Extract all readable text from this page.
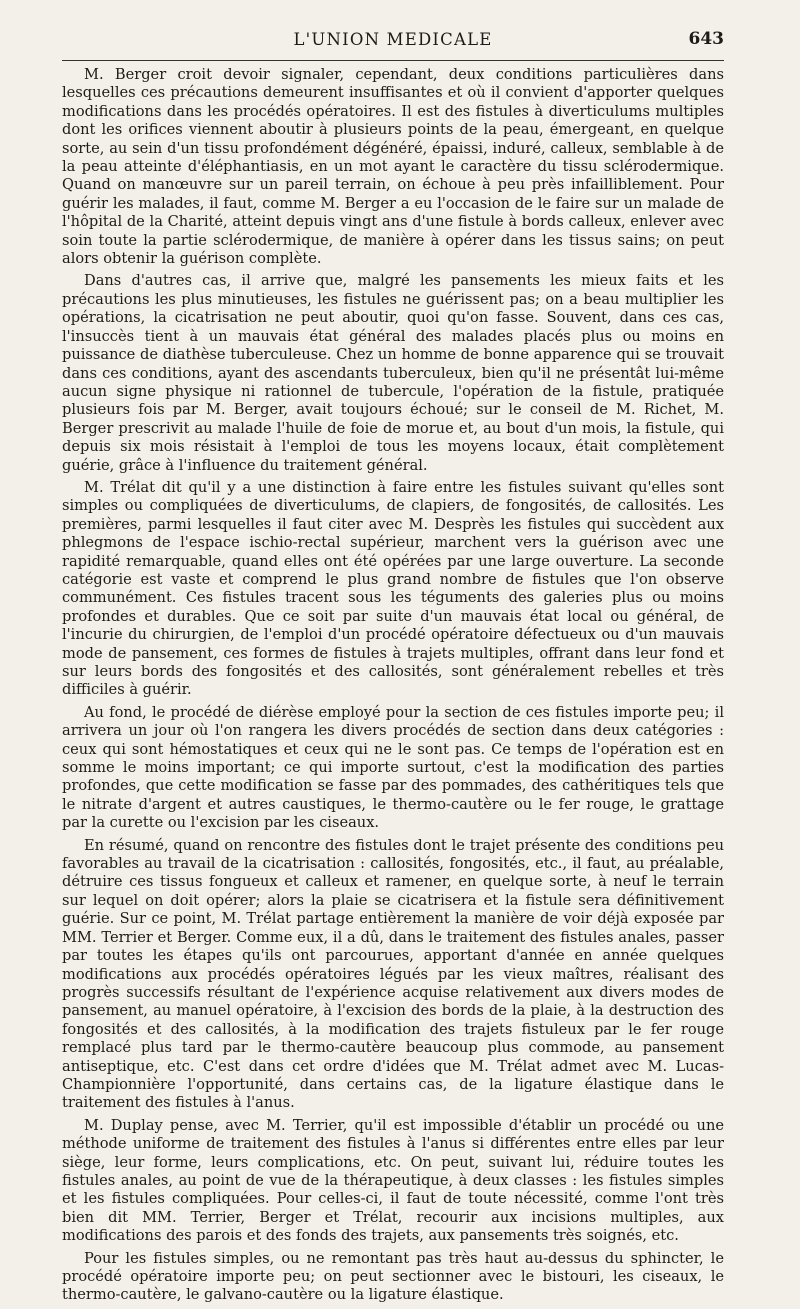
L'UNION MEDICALE	643

M. Berger croit devoir signaler, cependant, deux conditions particulières dans lesquelles ces précautions demeurent insuffisantes et où il convient d'apporter quelques modifications dans les procédés opératoires. Il est des fistules à diverticulums multiples dont les orifices viennent aboutir à plusieurs points de la peau, émergeant, en quelque sorte, au sein d'un tissu profondément dégénéré, épaissi, induré, calleux, semblable à de la peau atteinte d'éléphantiasis, en un mot ayant le caractère du tissu sclérodermique. Quand on manœuvre sur un pareil terrain, on échoue à peu près infailliblement. Pour guérir les malades, il faut, comme M. Berger a eu l'occasion de le faire sur un malade de l'hôpital de la Charité, atteint depuis vingt ans d'une fistule à bords calleux, enlever avec soin toute la partie sclérodermique, de manière à opérer dans les tissus sains; on peut alors obtenir la guérison complète.

Dans d'autres cas, il arrive que, malgré les pansements les mieux faits et les précautions les plus minutieuses, les fistules ne guérissent pas; on a beau multiplier les opérations, la cicatrisation ne peut aboutir, quoi qu'on fasse. Souvent, dans ces cas, l'insuccès tient à un mauvais état général des malades placés plus ou moins en puissance de diathèse tuberculeuse. Chez un homme de bonne apparence qui se trouvait dans ces conditions, ayant des ascendants tuberculeux, bien qu'il ne présentât lui-même aucun signe physique ni rationnel de tubercule, l'opération de la fistule, pratiquée plusieurs fois par M. Berger, avait toujours échoué; sur le conseil de M. Richet, M. Berger prescrivit au malade l'huile de foie de morue et, au bout d'un mois, la fistule, qui depuis six mois résistait à l'emploi de tous les moyens locaux, était complètement guérie, grâce à l'influence du traitement général.

M. Trélat dit qu'il y a une distinction à faire entre les fistules suivant qu'elles sont simples ou compliquées de diverticulums, de clapiers, de fongosités, de callosités. Les premières, parmi lesquelles il faut citer avec M. Desprès les fistules qui succèdent aux phlegmons de l'espace ischio-rectal supérieur, marchent vers la guérison avec une rapidité remarquable, quand elles ont été opérées par une large ouverture. La seconde catégorie est vaste et comprend le plus grand nombre de fistules que l'on observe communément. Ces fistules tracent sous les téguments des galeries plus ou moins profondes et durables. Que ce soit par suite d'un mauvais état local ou général, de l'incurie du chirurgien, de l'emploi d'un procédé opératoire défectueux ou d'un mauvais mode de pansement, ces formes de fistules à trajets multiples, offrant dans leur fond et sur leurs bords des fongosités et des callosités, sont généralement rebelles et très difficiles à guérir.

Au fond, le procédé de diérèse employé pour la section de ces fistules importe peu; il arrivera un jour où l'on rangera les divers procédés de section dans deux catégories : ceux qui sont hémostatiques et ceux qui ne le sont pas. Ce temps de l'opération est en somme le moins important; ce qui importe surtout, c'est la modification des parties profondes, que cette modification se fasse par des pommades, des cathéritiques tels que le nitrate d'argent et autres caustiques, le thermo-cautère ou le fer rouge, le grattage par la curette ou l'excision par les ciseaux.

En résumé, quand on rencontre des fistules dont le trajet présente des conditions peu favorables au travail de la cicatrisation : callosités, fongosités, etc., il faut, au préalable, détruire ces tissus fongueux et calleux et ramener, en quelque sorte, à neuf le terrain sur lequel on doit opérer; alors la plaie se cicatrisera et la fistule sera définitivement guérie. Sur ce point, M. Trélat partage entièrement la manière de voir déjà exposée par MM. Terrier et Berger. Comme eux, il a dû, dans le traitement des fistules anales, passer par toutes les étapes qu'ils ont parcourues, apportant d'année en année quelques modifications aux procédés opératoires légués par les vieux maîtres, réalisant des progrès successifs résultant de l'expérience acquise relativement aux divers modes de pansement, au manuel opératoire, à l'excision des bords de la plaie, à la destruction des fongosités et des callosités, à la modification des trajets fistuleux par le fer rouge remplacé plus tard par le thermo-cautère beaucoup plus commode, au pansement antiseptique, etc. C'est dans cet ordre d'idées que M. Trélat admet avec M. Lucas-Championnière l'opportunité, dans certains cas, de la ligature élastique dans le traitement des fistules à l'anus.

M. Duplay pense, avec M. Terrier, qu'il est impossible d'établir un procédé ou une méthode uniforme de traitement des fistules à l'anus si différentes entre elles par leur siège, leur forme, leurs complications, etc. On peut, suivant lui, réduire toutes les fistules anales, au point de vue de la thérapeutique, à deux classes : les fistules simples et les fistules compliquées. Pour celles-ci, il faut de toute nécessité, comme l'ont très bien dit MM. Terrier, Berger et Trélat, recourir aux incisions multiples, aux modifications des parois et des fonds des trajets, aux pansements très soignés, etc.

Pour les fistules simples, ou ne remontant pas très haut au-dessus du sphincter, le procédé opératoire importe peu; on peut sectionner avec le bistouri, les ciseaux, le thermo-cautère, le galvano-cautère ou la ligature élastique.
